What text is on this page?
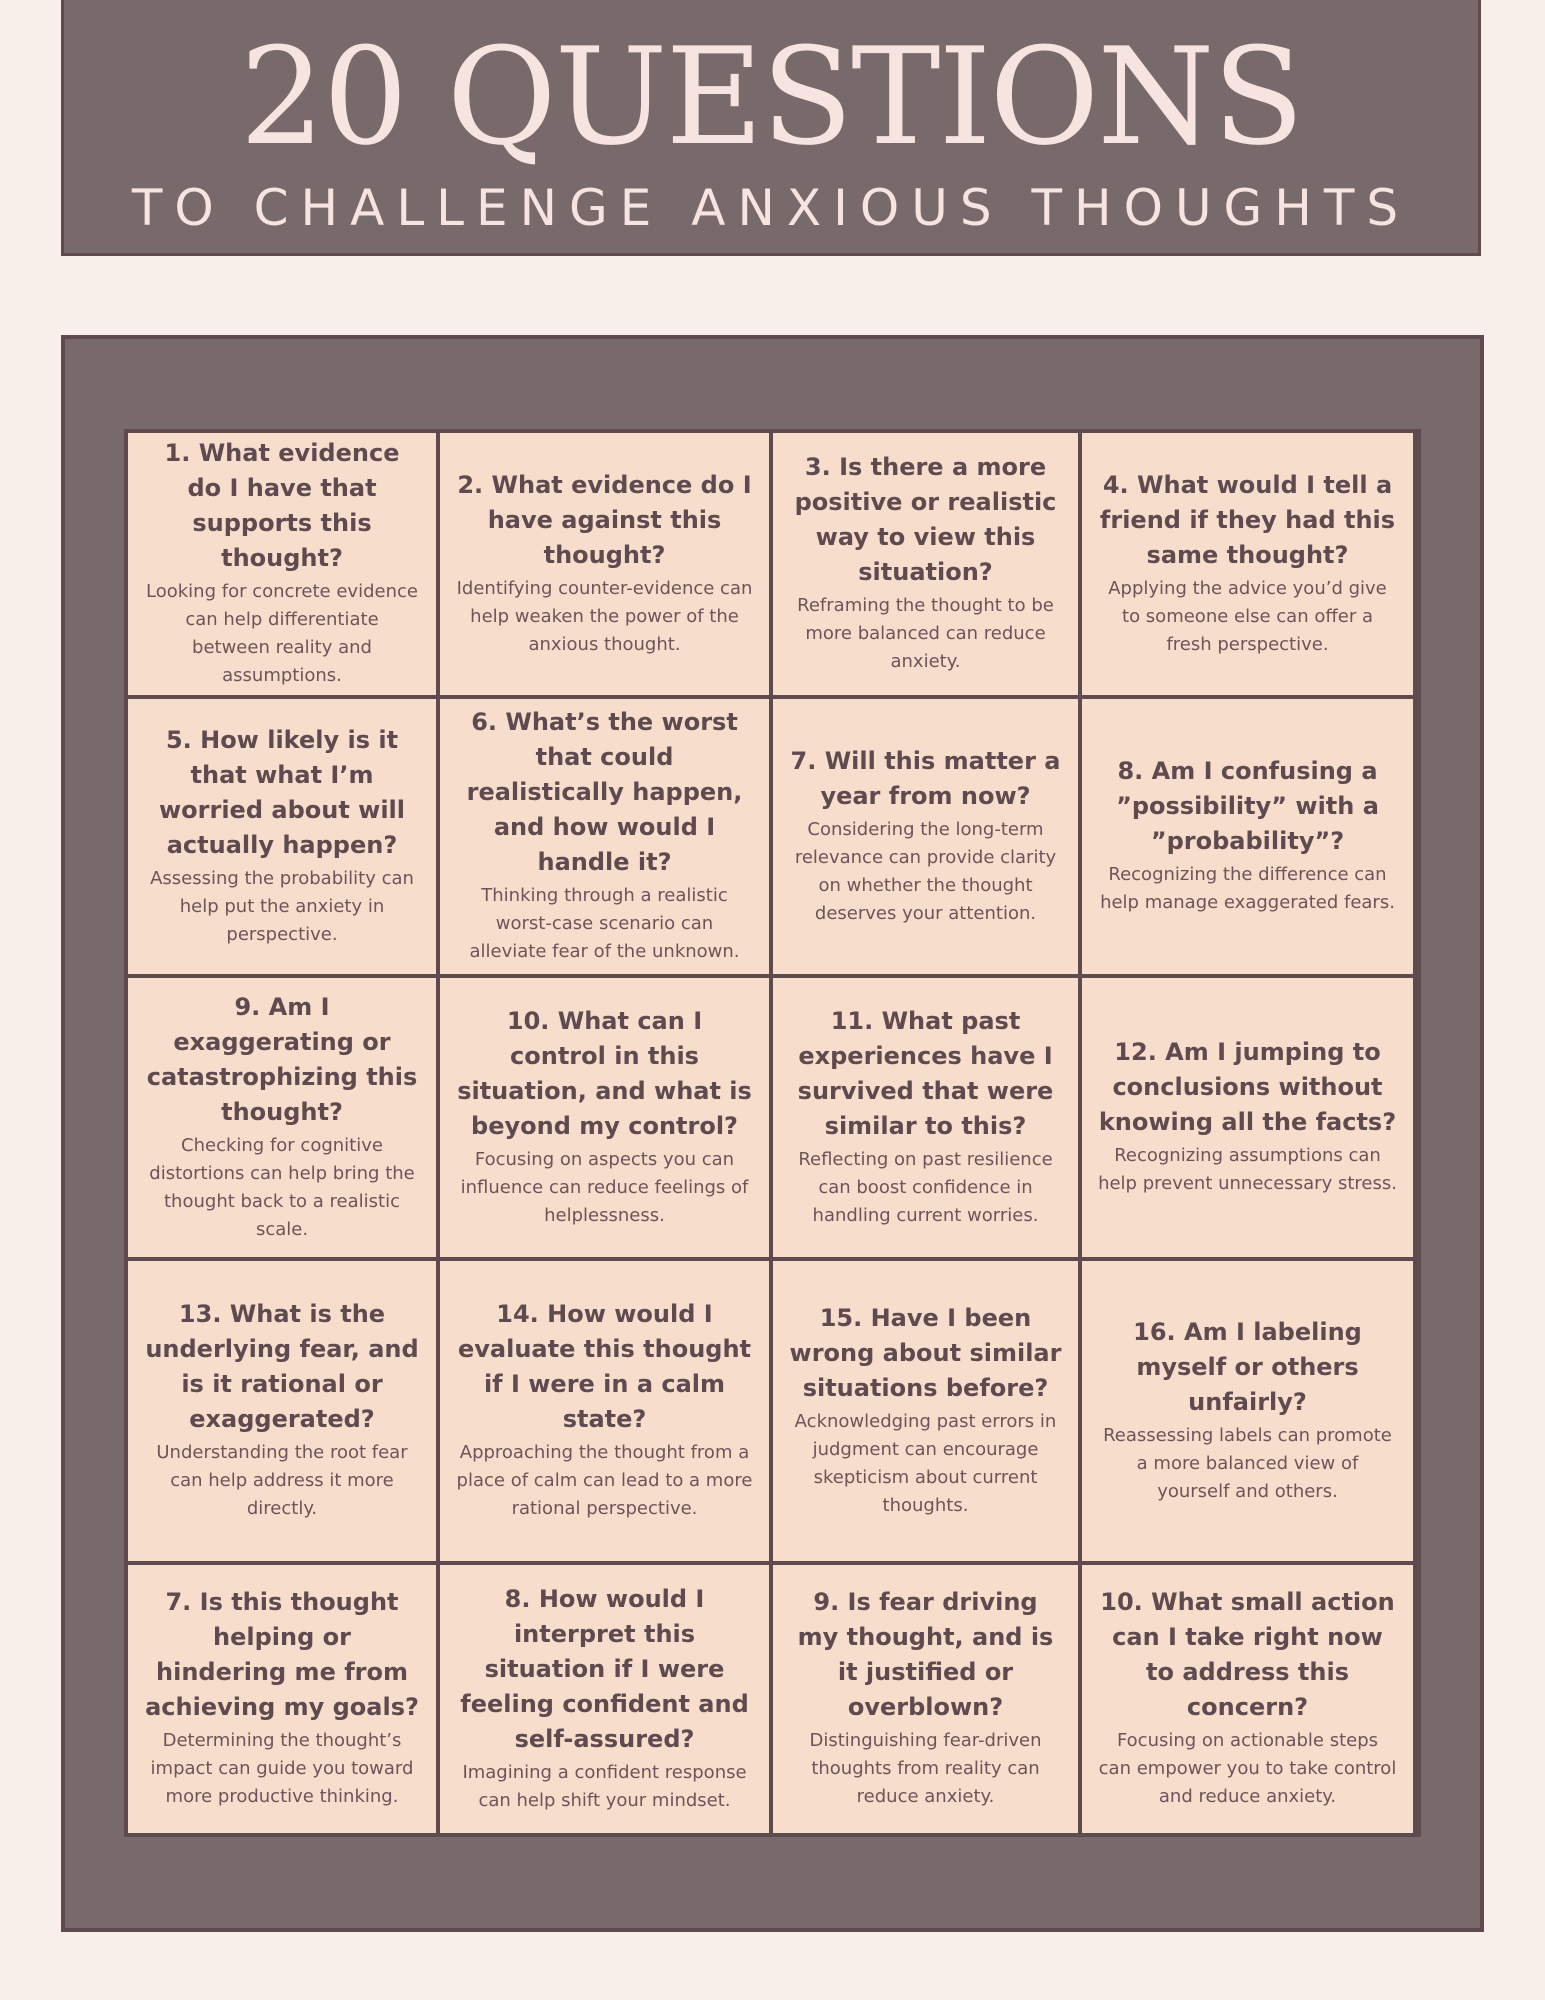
20 QUESTIONS
TO CHALLENGE ANXIOUS THOUGHTS
1. What evidence do I have that supports this thought?
Looking for concrete evidence can help differentiate between reality and assumptions.
2. What evidence do I have against this thought?
Identifying counter-evidence can help weaken the power of the anxious thought.
3. Is there a more positive or realistic way to view this situation?
Reframing the thought to be more balanced can reduce anxiety.
4. What would I tell a friend if they had this same thought?
Applying the advice you’d give to someone else can offer a fresh perspective.
5. How likely is it that what I’m worried about will actually happen?
Assessing the probability can help put the anxiety in perspective.
6. What’s the worst that could realistically happen, and how would I handle it?
Thinking through a realistic worst-case scenario can alleviate fear of the unknown.
7. Will this matter a year from now?
Considering the long-term relevance can provide clarity on whether the thought deserves your attention.
8. Am I confusing a ”possibility” with a ”probability”?
Recognizing the difference can help manage exaggerated fears.
9. Am I exaggerating or catastrophizing this thought?
Checking for cognitive distortions can help bring the thought back to a realistic scale.
10. What can I control in this situation, and what is beyond my control?
Focusing on aspects you can influence can reduce feelings of helplessness.
11. What past experiences have I survived that were similar to this?
Reflecting on past resilience can boost confidence in handling current worries.
12. Am I jumping to conclusions without knowing all the facts?
Recognizing assumptions can help prevent unnecessary stress.
13. What is the underlying fear, and is it rational or exaggerated?
Understanding the root fear can help address it more directly.
14. How would I evaluate this thought if I were in a calm state?
Approaching the thought from a place of calm can lead to a more rational perspective.
15. Have I been wrong about similar situations before?
Acknowledging past errors in judgment can encourage skepticism about current thoughts.
16. Am I labeling myself or others unfairly?
Reassessing labels can promote a more balanced view of yourself and others.
7. Is this thought helping or hindering me from achieving my goals?
Determining the thought’s impact can guide you toward more productive thinking.
8. How would I interpret this situation if I were feeling confident and self-assured?
Imagining a confident response can help shift your mindset.
9. Is fear driving my thought, and is it justified or overblown?
Distinguishing fear-driven thoughts from reality can reduce anxiety.
10. What small action can I take right now to address this concern?
Focusing on actionable steps can empower you to take control and reduce anxiety.
